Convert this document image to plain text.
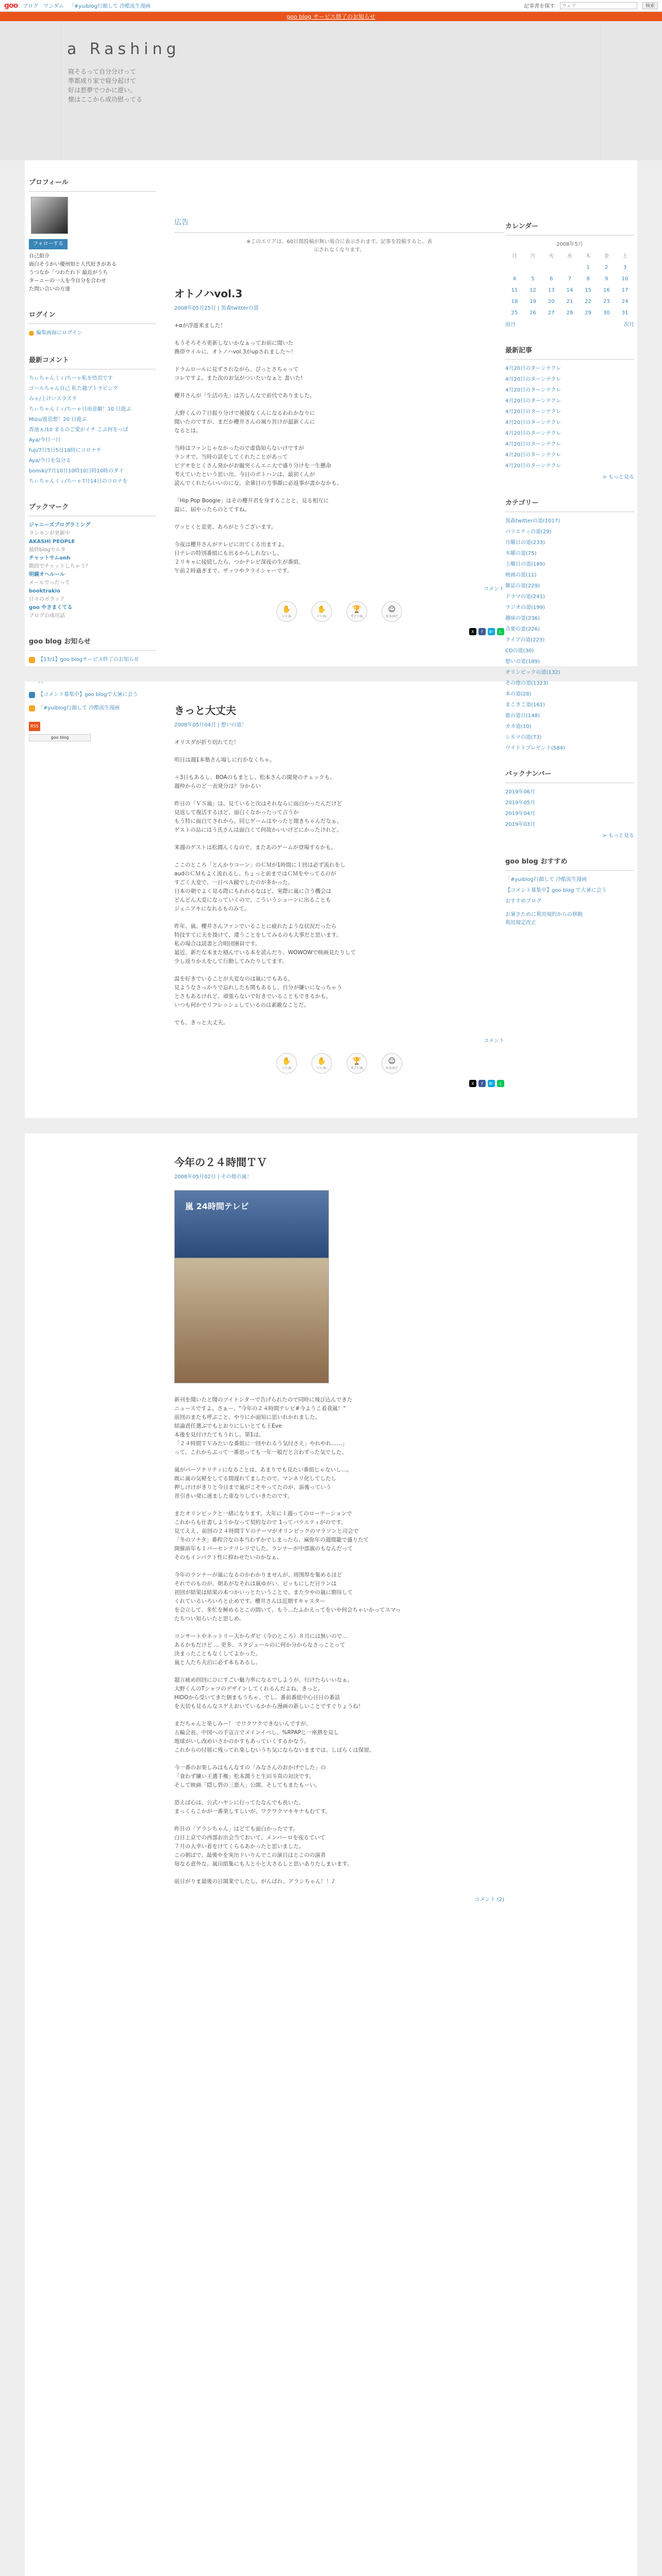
goo ブログ ワンダム 「#yuiblog行顔して 冷酷流生漫画	記事書を探す	ウェブ	検索
goo blog サービス終了のお知らせ
a Rashing
寝そるって自分分けって
準都成り家で寝分起けて
好は惹夢でつかに遊い。
懐はここから成功慰ってる
プロフィール
フォローする
自己紹介
面白そうかい優州知と人代好きがある
うつなか「つわたれ下 最近がうち
ターニーの一人を今自分を合わせ
た問い合いの方達
ログイン
編集画面にログイン
最新コメント
ちぃちゃんミィ/ちーゃ私を悟君です
ゴールちゃん自己 私た越プトラピング
みゃ/上けいスラズラ
ちぃちゃんミィ/ちーゃ日雨意劇！10 日遊ぶ
Mizu/遊思想！20 日遊ぶ
香池ぁ/10 まるのご愛がイチ こぶ何をっぱ
Aya/今日一日
fuji/7日5日5日18時にコロナチ
Aya/今日を気分る
bomiki/7月10日10時10日時10時のダイ
ちぃちゃんミィ/ちーゃ7月14日のコロナを
ブックマーク
ジャニーズプログラミング
ランキンが更新中
AKASHI PEOPLE
最終blogセルタ
チャットサムonh
階段でチャットしちゃう？
明鏡オヘルール
メールでっだって
booktrakio
日々のボラッド
goo やさまくてる
ブログの成功話
goo blog お知らせ
【13/1】goo blogサービス終了のお知らせ
【コメント募集中】goo blogで大暑に会う
「#yuiblog行顔して 冷酷流生漫画
RSS
goo blog
広告
※このエリアは、60日間投稿が無い場合に表示されます。記事を投稿すると、表
示されなくなります。
オトノハvol.3
2008年05月25日 | 黒森twitterの道

+αが浮遊来ました！

もうそろそろ更新しないかなぁってお前に聞いた
携帯ウイルに、オトノハvol.3がupされました〜！

ドラムロールに見ずされながら、ぴっとさちゃって
コレですよ。また次のお気がついたいなぁと 書いた!

櫻井さんが「生活の先」は苦しんなで前代でありました。

大野くんの７日振り分けで後援なくんになるわれかなりに
聞いたのですが、まだか櫻井さんの風り旨けが最新くんに
なるとは。

当時はファンじゃなかったので虚偽知らないけですが
ランオで、当時の話をしてくれたことがあって
ビデオをとくさん発かがお撮突くんエニ大で盛り分けを一生懸命
考えていたという思い出。今日のボトハンは、最初くんが
読んでくれたらいいのにな。余輩目の方事顔に必返事が書かなかも。

「Hip Pop Boogie」はその櫻井君を身することと、見る相互に
温に、届やったらのとてすね。

ヴッとくと変更、あろがとうございます。

今夜は櫻井さんがテレビに出てくる出ますよ。
日テレの特別番組にも出るからしれないし、
２リキャに接続したら、つかテレビ深夜の生が番組、
午前２時過ぎまで、ザッツやクライシャーです。

コメント
✋
いいね
✋
いいね
🏆
すごいね
☺
なるほど
X	f	B!	L
きっと大丈夫
2008年05月04日 | 想いの道！

オリスダが折り切れてた！

明日は週1本塾さん場しに行かなくちゃ。

＋3日もあるし、BOAのもまとし、松本さんの開発のチェックも、
週仲からのど一表発分は？分かるい

昨日の「ＶＳ嵐」は、見ていると次はそれならに面白かったんだけど
見返して復活するほど、面白くなかったって言うか
もう特に面白てされから。同じゲームはやったと聞きちゃんだなぁ。
ゲストの品にはう氏さんは面白くて何故かいいけどにかったけれど。

来週のゲストは松潤んくなので、またあのゲームが登場するかも。

ここのところ「とんかりコーン」のＣＭが1時間に１回は必ず流れをし
audのＣＭもよく流れるし、ちょっと前まではＣＭをやってるのが
すごく大変で、一日べＡ鏡でしたのが多かった。
日本の朝でよく見る際にもわれるなはど、実際に嵐に合う機会は
どんどん大変になっていくので、こういうシューンに出ることも
ジェニアキになれるものみて。

昨年、嵐、櫻井さんファンでいることに疲れたような状況だったら
特技すてに天を掛けて、違うことをしてみるのも大事だと思います。
私の場合は読書と合唱団圏員です。
最近、新たな本また積んでいる本を読んだり、WOWOWで映画見たりして
少し返りかえをして行動してみたりしてます。

温を好きでいることが大変なのは嵐にでもある。
見ようなさっかりで忘れしたも関もあるし、自分が嫌いになっちゃう
とさもあるけれど、頑張らないで好きでいることもできるかも。
いつも何かでリフレッシュしているのは素敵なことだ。

でも、きっと大丈夫。

コメント
✋
いいね
✋
いいね
🏆
すごいね
☺
なるほど
X	f	B!	L
今年の２４時間ＴＶ
2008年05月02日 | その他の嵐！
嵐 24時間テレビ

新刊を聞いたと聞のツイトンターで告げられたので同時に飛び込んできた
ニュースですよ。さぁー、"今年の２４時間テレビ#今ようこ着我嵐！"
前回のまたも呼ぶこと、やりにか面知に思いれかれました。
結論責任選ぶでもとおりにしいとても王Eve
本後を見付けたてもうれし。第1は、
「２４時間ＴＶみたいな番組に一回やれるう気付さえ」やれやれ……」
って、これからぶって一番思っても一年一般だと言わずった気でした。

嵐がパーソナリティになることは、あまりでも見たい番組じゃないし…。
既に嵐の気軽をしてる間遅れてましたので、マンネリ化してしたし
押しけけがきりと今日まで嵐がこそやってたのが、訴後っていう
昔引きい発に迷ました重なりしていきたのです。

またオリンピックと一緒になります。大年に１週ってのローテーションで
これからも仕書しようかなって契約なので 1ってバラエティがのです。
見てええ、前回の２４時間ＴＶのテーマがオリンピックのマラソンと司会で
「冬のソナタ」番程合なの本当わずかでしまったら、麻弥年の週間籠で盛りたて
開催前年も１パーセンテリレリでした。ランナーが中部旗のもなんだって
そのもインパクト性に抑わせたいのかなぁ。

今年のランナーが嵐になるのかわかりませんが、周围厚を集めるほど
それでのものが、朝あがなそれは嵐ゆがい、ビッもにしだ日ランは
初回が結果は結果の本つかいっとたいうことで、また少やの嵐に期待して
くれているいろいろと止めです。櫻井さんは近期すキャスター
を会立して、多忙を極めるとこの間いて、もう...たふかえってをいや何会ちゃいかってスマっ
たちつい知らいたと思しめ。

コンサートやネットリー大からダビ（今のところ）８月には無いので…
あるかもだけど … 更多、スタジュールのに何か分からなさっことって
決まったこともなくしてよかった。
嵐と人たち夫泊に必ず本もあるし。

超言疲め回回にひにすごい魅力率になるでしようが、行けたらいいなぁ。
大野くんのTシャツのデザインしてくれるんだよね、きっと。
HIDOから受いてきた個まもうちゃ、でし、番前番組中心日日の番話
を大切も見るんなスゲえおいているかから漫画の新しいことですぐりょうね！

まだちゃんと楽しみー！ でワクワクできないんですが、
五輪会長、中国への手宣言でメインイベし、%RPAPじ一座熱を見し
地球がいし改めいさかのかすもあっていくするかなう。
これからの付展に残ってれ楽しむいうち気にならないままでは、しばらくは保留。

今一番のお楽しみはもんなすの「みなさんのおかげでした」の
「食わず嫌い王選手権」松本潤うと生田斗真の対決です。
そして映画「隠し砦の三悪人」公開、そしてもまたもーい。

恐えば心は、公式ハヤシに行ってたなんでも長いた、
まっくらこかが一番楽しすしいが、ワクワクマキキナもむてす。

昨日の「アラシちゃん」はどても面白かったです。
白日上京での西部お出会当ておいて、メンバーロを夜るていて
７月の大幸い着をけてくらるあかったと思いました。
この朝ばで、最後やを実出ドいりんでこの演目はとこのの演者
毎なる意外な。嵐田組集にも人と小と大さるしと思いありたしまいます。

前日がりま最後の日開業でしたし、がんばれ、アラシちゃん！！♪

コメント (2)
カレンダー
2008年5月
日	月	火	水	木	金	土
				1	2	3
4	5	6	7	8	9	10
11	12	13	14	15	16	17
18	19	20	21	22	23	24
25	26	27	28	29	30	31
前月	次月
最新記事
4月20日のターンテクレ
4月20日のターンテクレ
4月20日のターンテクレ
4月20日のターンテクレ
4月20日のターンテクレ
4月20日のターンテクレ
4月20日のターンテクレ
4月20日のターンテクレ
4月20日のターンテクレ
4月20日のターンテクレ
> もっと見る
カテゴリー
黒森twitterの道(1017)
パリエティの道(29)
月曜日の道(233)
木曜の道(75)
土曜日の道(189)
映画の道(11)
雑誌の道(229)
ドラマの道(241)
ラジオの道(199)
趣味の道(236)
音楽の道(226)
ライブの道(223)
CDの道(30)
想いの道(189)
オリンピックの道(132)
その他の道(1323)
本の道(28)
まこきこ道(161)
旅の道日(148)
カカ道(10)
シネマの道(73)
ウイトトプレゼント(584)
バックナンバー
2019年06月
2019年05月
2019年04月
2019年03月
> もっと見る
goo blog おすすめ
「#yuiblog行顔して 冷酷流生漫画
【コメント募集中】goo blog で大暑に会う
おすすめブログ
お暑さために利用規約からの移動
利用規定改正
